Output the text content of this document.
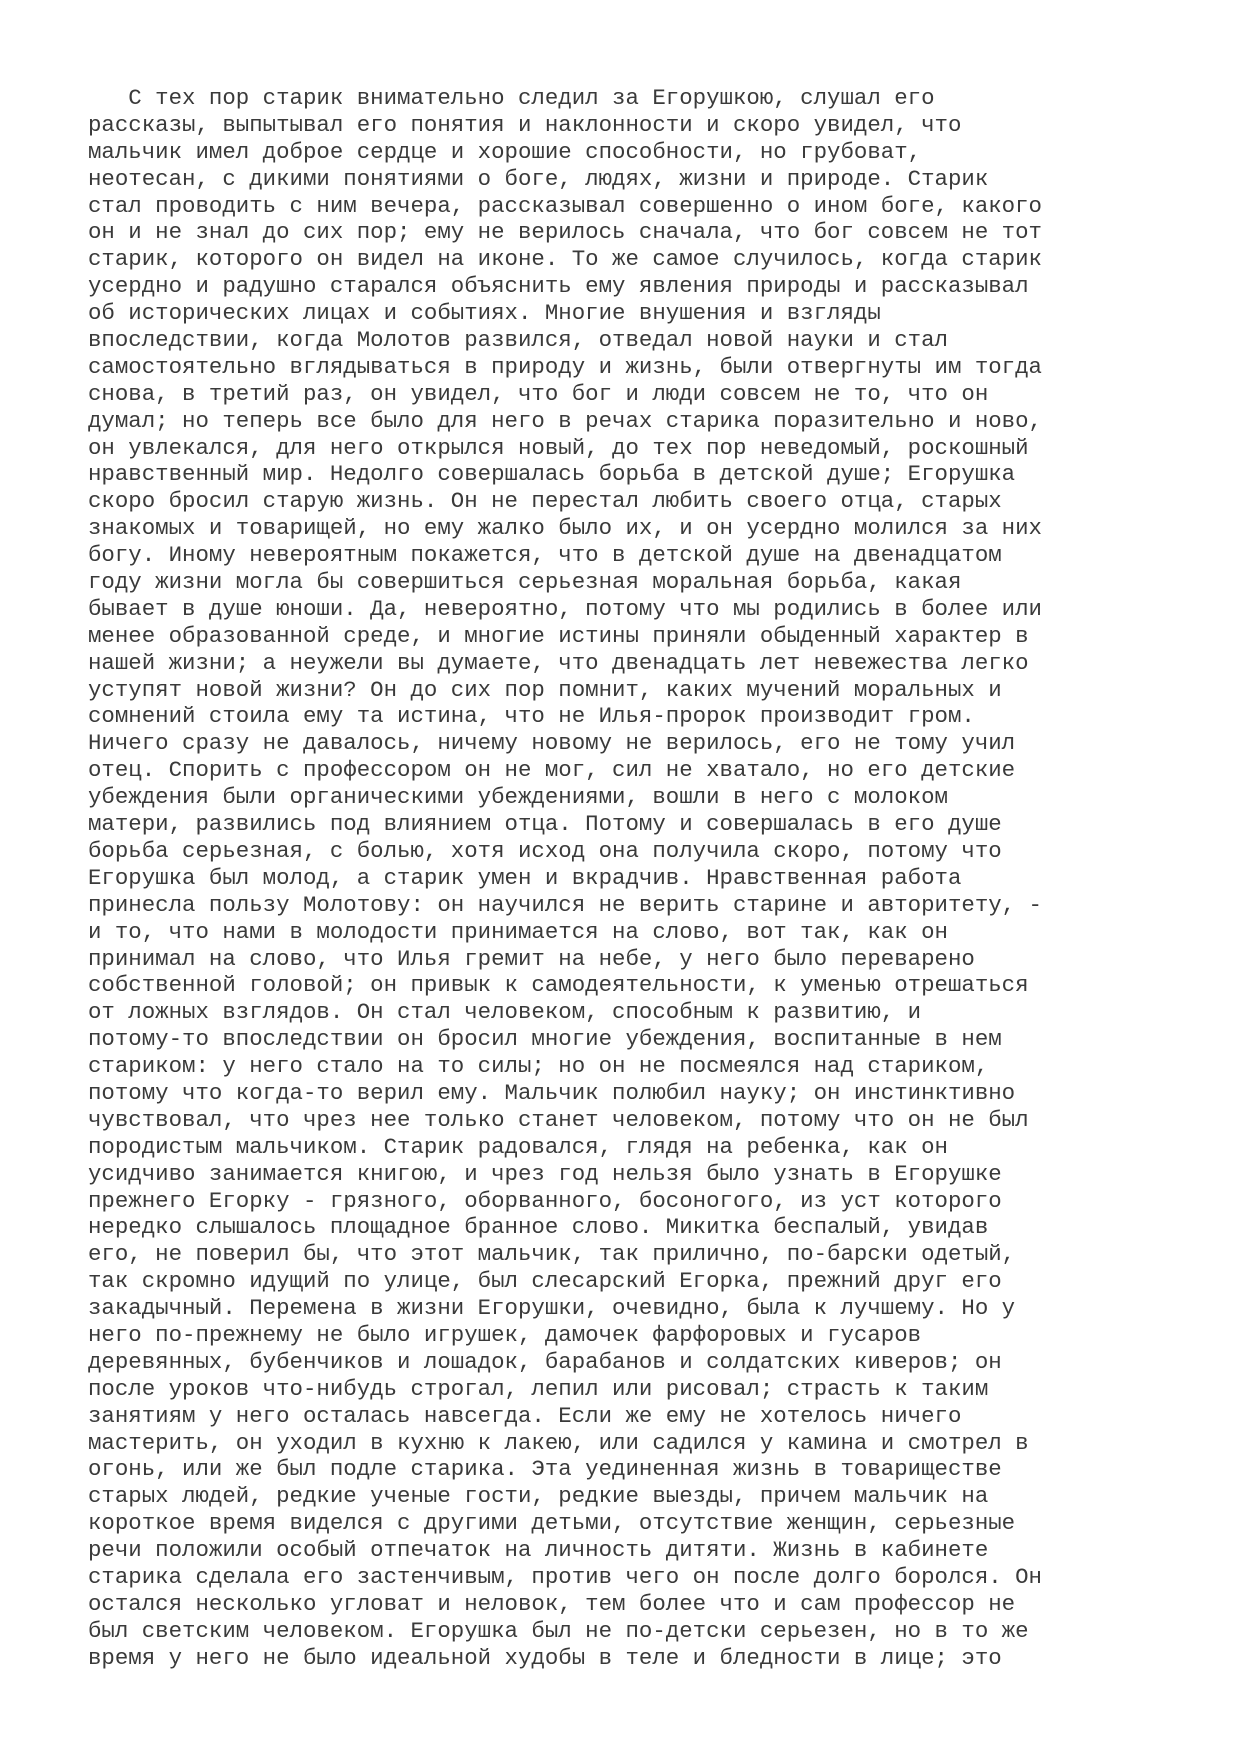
С тех пор старик внимательно следил за Егорушкою, слушал его
рассказы, выпытывал его понятия и наклонности и скоро увидел, что
мальчик имел доброе сердце и хорошие способности, но грубоват,
неотесан, с дикими понятиями о боге, людях, жизни и природе. Старик
стал проводить с ним вечера, рассказывал совершенно о ином боге, какого
он и не знал до сих пор; ему не верилось сначала, что бог совсем не тот
старик, которого он видел на иконе. То же самое случилось, когда старик
усердно и радушно старался объяснить ему явления природы и рассказывал
об исторических лицах и событиях. Многие внушения и взгляды
впоследствии, когда Молотов развился, отведал новой науки и стал
самостоятельно вглядываться в природу и жизнь, были отвергнуты им тогда
снова, в третий раз, он увидел, что бог и люди совсем не то, что он
думал; но теперь все было для него в речах старика поразительно и ново,
он увлекался, для него открылся новый, до тех пор неведомый, роскошный
нравственный мир. Недолго совершалась борьба в детской душе; Егорушка
скоро бросил старую жизнь. Он не перестал любить своего отца, старых
знакомых и товарищей, но ему жалко было их, и он усердно молился за них
богу. Иному невероятным покажется, что в детской душе на двенадцатом
году жизни могла бы совершиться серьезная моральная борьба, какая
бывает в душе юноши. Да, невероятно, потому что мы родились в более или
менее образованной среде, и многие истины приняли обыденный характер в
нашей жизни; а неужели вы думаете, что двенадцать лет невежества легко
уступят новой жизни? Он до сих пор помнит, каких мучений моральных и
сомнений стоила ему та истина, что не Илья-пророк производит гром.
Ничего сразу не давалось, ничему новому не верилось, его не тому учил
отец. Спорить с профессором он не мог, сил не хватало, но его детские
убеждения были органическими убеждениями, вошли в него с молоком
матери, развились под влиянием отца. Потому и совершалась в его душе
борьба серьезная, с болью, хотя исход она получила скоро, потому что
Егорушка был молод, а старик умен и вкрадчив. Нравственная работа
принесла пользу Молотову: он научился не верить старине и авторитету, -
и то, что нами в молодости принимается на слово, вот так, как он
принимал на слово, что Илья гремит на небе, у него было переварено
собственной головой; он привык к самодеятельности, к уменью отрешаться
от ложных взглядов. Он стал человеком, способным к развитию, и
потому-то впоследствии он бросил многие убеждения, воспитанные в нем
стариком: у него стало на то силы; но он не посмеялся над стариком,
потому что когда-то верил ему. Мальчик полюбил науку; он инстинктивно
чувствовал, что чрез нее только станет человеком, потому что он не был
породистым мальчиком. Старик радовался, глядя на ребенка, как он
усидчиво занимается книгою, и чрез год нельзя было узнать в Егорушке
прежнего Егорку - грязного, оборванного, босоногого, из уст которого
нередко слышалось площадное бранное слово. Микитка беспалый, увидав
его, не поверил бы, что этот мальчик, так прилично, по-барски одетый,
так скромно идущий по улице, был слесарский Егорка, прежний друг его
закадычный. Перемена в жизни Егорушки, очевидно, была к лучшему. Но у
него по-прежнему не было игрушек, дамочек фарфоровых и гусаров
деревянных, бубенчиков и лошадок, барабанов и солдатских киверов; он
после уроков что-нибудь строгал, лепил или рисовал; страсть к таким
занятиям у него осталась навсегда. Если же ему не хотелось ничего
мастерить, он уходил в кухню к лакею, или садился у камина и смотрел в
огонь, или же был подле старика. Эта уединенная жизнь в товариществе
старых людей, редкие ученые гости, редкие выезды, причем мальчик на
короткое время виделся с другими детьми, отсутствие женщин, серьезные
речи положили особый отпечаток на личность дитяти. Жизнь в кабинете
старика сделала его застенчивым, против чего он после долго боролся. Он
остался несколько угловат и неловок, тем более что и сам профессор не
был светским человеком. Егорушка был не по-детски серьезен, но в то же
время у него не было идеальной худобы в теле и бледности в лице; это
